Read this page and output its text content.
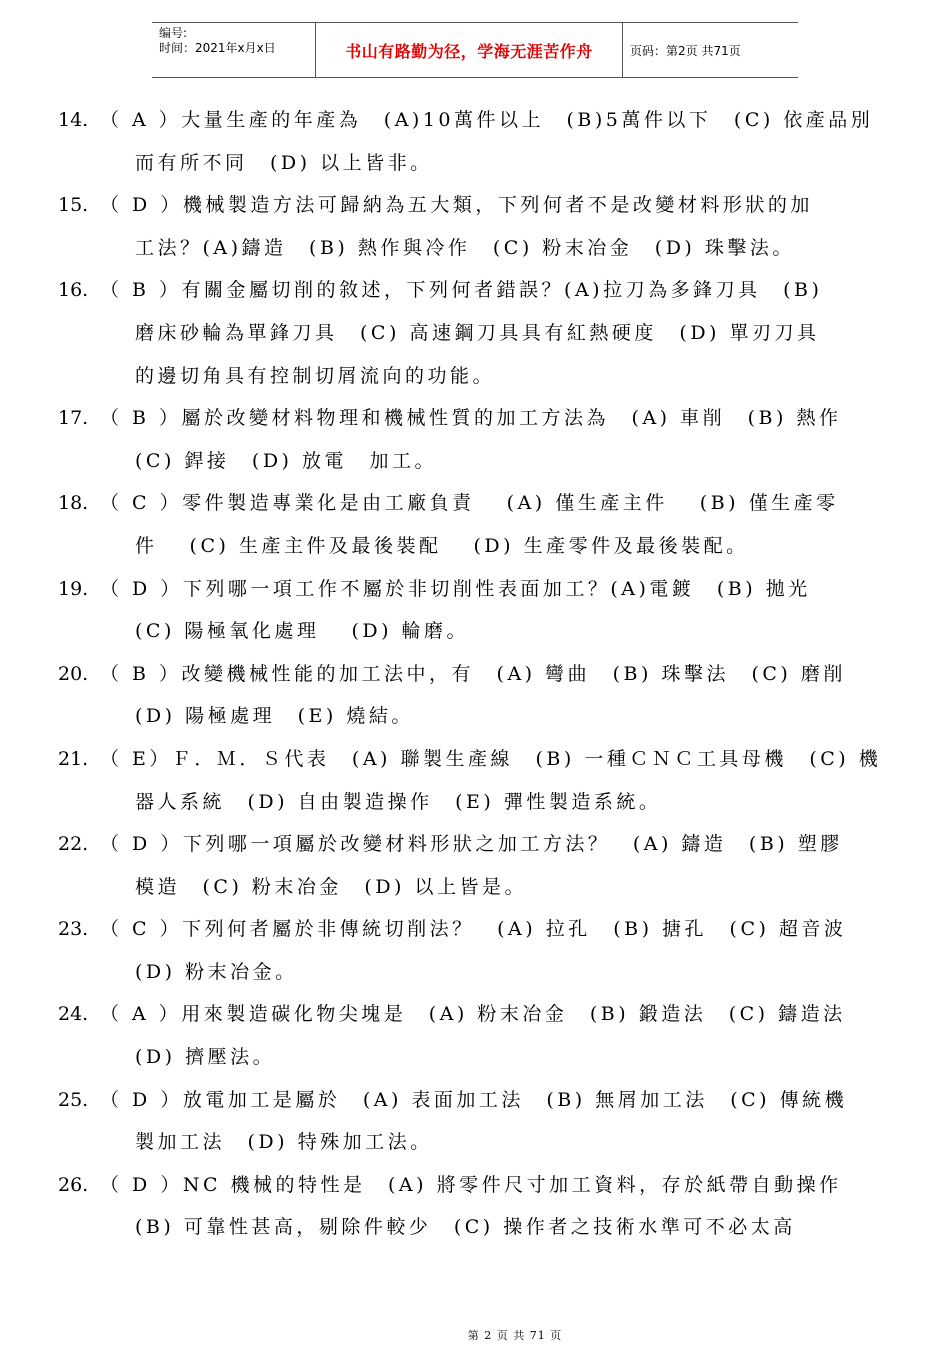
编号:
时间：2021年x月x日	书山有路勤为径，学海无涯苦作舟	页码：第2页 共71页
14. （ A ）大量生產的年產為　(A)10萬件以上　(B)5萬件以下　(C) 依產品別
而有所不同　(D) 以上皆非。
15. （ D ）機械製造方法可歸納為五大類，下列何者不是改變材料形狀的加
工法？(A)鑄造　(B) 熱作與冷作　(C) 粉末冶金　(D) 珠擊法。
16. （ B ）有關金屬切削的敘述，下列何者錯誤？(A)拉刀為多鋒刀具　(B)
磨床砂輪為單鋒刀具　(C) 高速鋼刀具具有紅熱硬度　(D) 單刃刀具
的邊切角具有控制切屑流向的功能。
17. （ B ）屬於改變材料物理和機械性質的加工方法為　(A) 車削　(B) 熱作
(C) 銲接　(D) 放電　加工。
18. （ C ）零件製造專業化是由工廠負責　 (A) 僅生產主件　 (B) 僅生產零
件　 (C) 生產主件及最後裝配　 (D) 生產零件及最後裝配。
19. （ D ）下列哪一項工作不屬於非切削性表面加工？(A)電鍍　(B) 拋光
(C) 陽極氧化處理　 (D) 輪磨。
20. （ B ）改變機械性能的加工法中，有　(A) 彎曲　(B) 珠擊法　(C) 磨削
(D) 陽極處理　(E) 燒結。
21. （ E）Ｆ．Ｍ．Ｓ代表　(A) 聯製生產線　(B) 一種ＣＮＣ工具母機　(C) 機
器人系統　(D) 自由製造操作　(E) 彈性製造系統。
22. （ D ）下列哪一項屬於改變材料形狀之加工方法？　(A) 鑄造　(B) 塑膠
模造　(C) 粉末冶金　(D) 以上皆是。
23. （ C ）下列何者屬於非傳統切削法？　(A) 拉孔　(B) 搪孔　(C) 超音波
(D) 粉末冶金。
24. （ A ）用來製造碳化物尖塊是　(A) 粉末冶金　(B) 鍛造法　(C) 鑄造法
(D) 擠壓法。
25. （ D ）放電加工是屬於　(A) 表面加工法　(B) 無屑加工法　(C) 傳統機
製加工法　(D) 特殊加工法。
26. （ D ）NC 機械的特性是　(A) 將零件尺寸加工資料，存於紙帶自動操作
(B) 可靠性甚高，剔除件較少　(C) 操作者之技術水準可不必太高
第 2 页 共 71 页
